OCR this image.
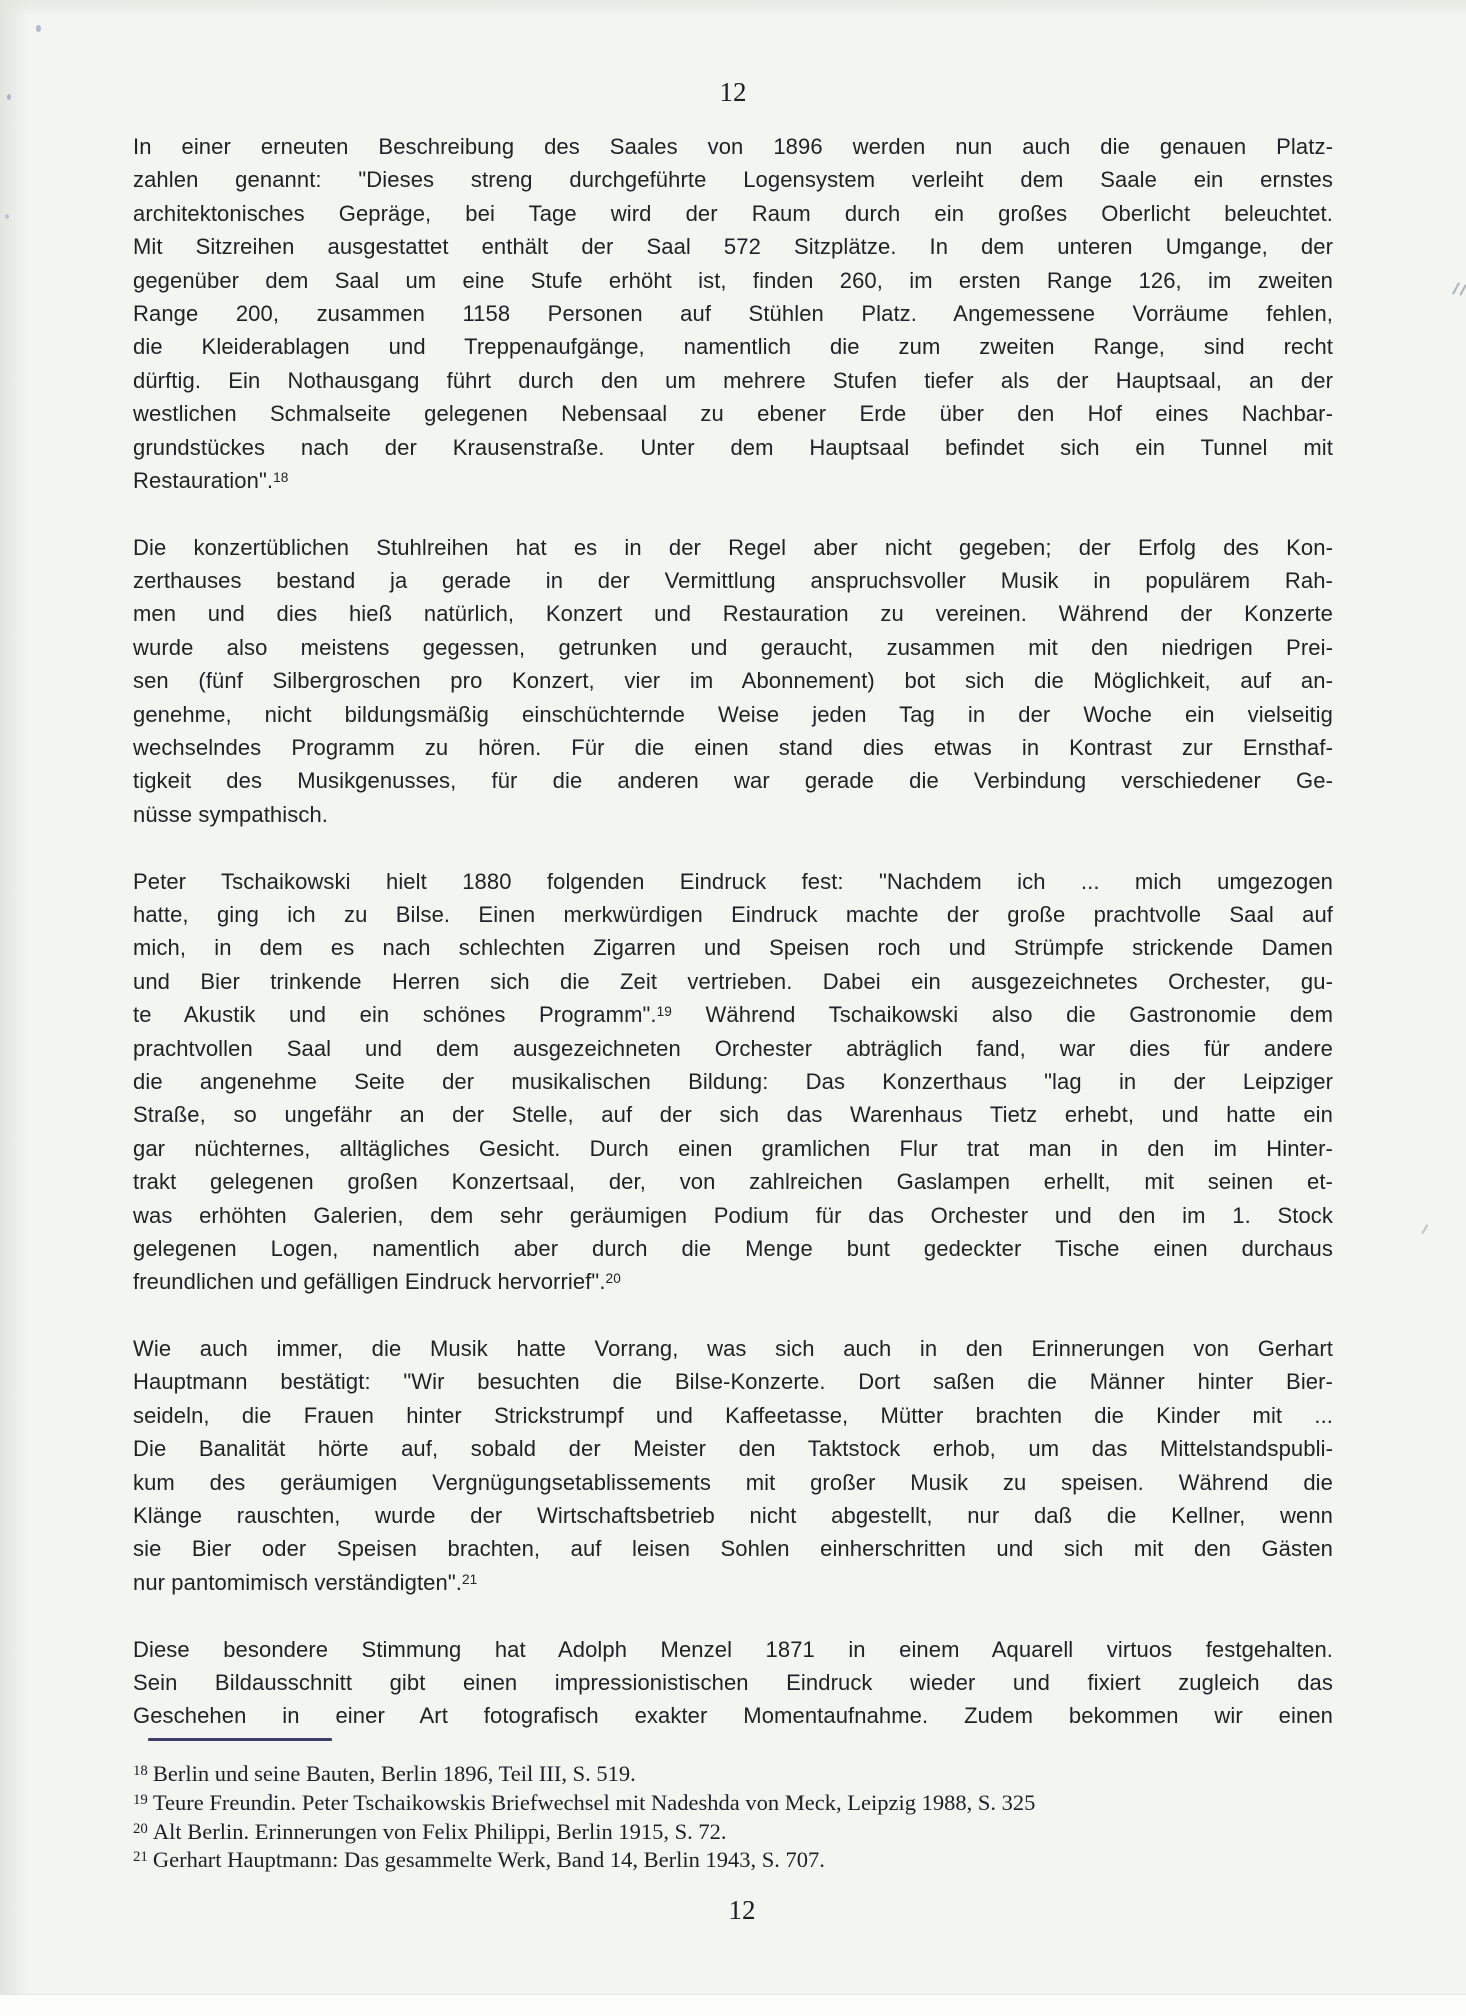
12
In einer erneuten Beschreibung des Saales von 1896 werden nun auch die genauen Platz-
zahlen genannt: "Dieses streng durchgeführte Logensystem verleiht dem Saale ein ernstes
architektonisches Gepräge, bei Tage wird der Raum durch ein großes Oberlicht beleuchtet.
Mit Sitzreihen ausgestattet enthält der Saal 572 Sitzplätze. In dem unteren Umgange, der
gegenüber dem Saal um eine Stufe erhöht ist, finden 260, im ersten Range 126, im zweiten
Range 200, zusammen 1158 Personen auf Stühlen Platz. Angemessene Vorräume fehlen,
die Kleiderablagen und Treppenaufgänge, namentlich die zum zweiten Range, sind recht
dürftig. Ein Nothausgang führt durch den um mehrere Stufen tiefer als der Hauptsaal, an der
westlichen Schmalseite gelegenen Nebensaal zu ebener Erde über den Hof eines Nachbar-
grundstückes nach der Krausenstraße. Unter dem Hauptsaal befindet sich ein Tunnel mit
Restauration".$^{18}$
Die konzertüblichen Stuhlreihen hat es in der Regel aber nicht gegeben; der Erfolg des Kon-
zerthauses bestand ja gerade in der Vermittlung anspruchsvoller Musik in populärem Rah-
men und dies hieß natürlich, Konzert und Restauration zu vereinen. Während der Konzerte
wurde also meistens gegessen, getrunken und geraucht, zusammen mit den niedrigen Prei-
sen (fünf Silbergroschen pro Konzert, vier im Abonnement) bot sich die Möglichkeit, auf an-
genehme, nicht bildungsmäßig einschüchternde Weise jeden Tag in der Woche ein vielseitig
wechselndes Programm zu hören. Für die einen stand dies etwas in Kontrast zur Ernsthaf-
tigkeit des Musikgenusses, für die anderen war gerade die Verbindung verschiedener Ge-
nüsse sympathisch.
Peter Tschaikowski hielt 1880 folgenden Eindruck fest: "Nachdem ich ... mich umgezogen
hatte, ging ich zu Bilse. Einen merkwürdigen Eindruck machte der große prachtvolle Saal auf
mich, in dem es nach schlechten Zigarren und Speisen roch und Strümpfe strickende Damen
und Bier trinkende Herren sich die Zeit vertrieben. Dabei ein ausgezeichnetes Orchester, gu-
te Akustik und ein schönes Programm".$^{19}$ Während Tschaikowski also die Gastronomie dem
prachtvollen Saal und dem ausgezeichneten Orchester abträglich fand, war dies für andere
die angenehme Seite der musikalischen Bildung: Das Konzerthaus "lag in der Leipziger
Straße, so ungefähr an der Stelle, auf der sich das Warenhaus Tietz erhebt, und hatte ein
gar nüchternes, alltägliches Gesicht. Durch einen gramlichen Flur trat man in den im Hinter-
trakt gelegenen großen Konzertsaal, der, von zahlreichen Gaslampen erhellt, mit seinen et-
was erhöhten Galerien, dem sehr geräumigen Podium für das Orchester und den im 1. Stock
gelegenen Logen, namentlich aber durch die Menge bunt gedeckter Tische einen durchaus
freundlichen und gefälligen Eindruck hervorrief".$^{20}$
Wie auch immer, die Musik hatte Vorrang, was sich auch in den Erinnerungen von Gerhart
Hauptmann bestätigt: "Wir besuchten die Bilse-Konzerte. Dort saßen die Männer hinter Bier-
seideln, die Frauen hinter Strickstrumpf und Kaffeetasse, Mütter brachten die Kinder mit ...
Die Banalität hörte auf, sobald der Meister den Taktstock erhob, um das Mittelstandspubli-
kum des geräumigen Vergnügungsetablissements mit großer Musik zu speisen. Während die
Klänge rauschten, wurde der Wirtschaftsbetrieb nicht abgestellt, nur daß die Kellner, wenn
sie Bier oder Speisen brachten, auf leisen Sohlen einherschritten und sich mit den Gästen
nur pantomimisch verständigten".$^{21}$
Diese besondere Stimmung hat Adolph Menzel 1871 in einem Aquarell virtuos festgehalten.
Sein Bildausschnitt gibt einen impressionistischen Eindruck wieder und fixiert zugleich das
Geschehen in einer Art fotografisch exakter Momentaufnahme. Zudem bekommen wir einen
$^{18}$ Berlin und seine Bauten, Berlin 1896, Teil III, S. 519.
$^{19}$ Teure Freundin. Peter Tschaikowskis Briefwechsel mit Nadeshda von Meck, Leipzig 1988, S. 325
$^{20}$ Alt Berlin. Erinnerungen von Felix Philippi, Berlin 1915, S. 72.
$^{21}$ Gerhart Hauptmann: Das gesammelte Werk, Band 14, Berlin 1943, S. 707.
12
